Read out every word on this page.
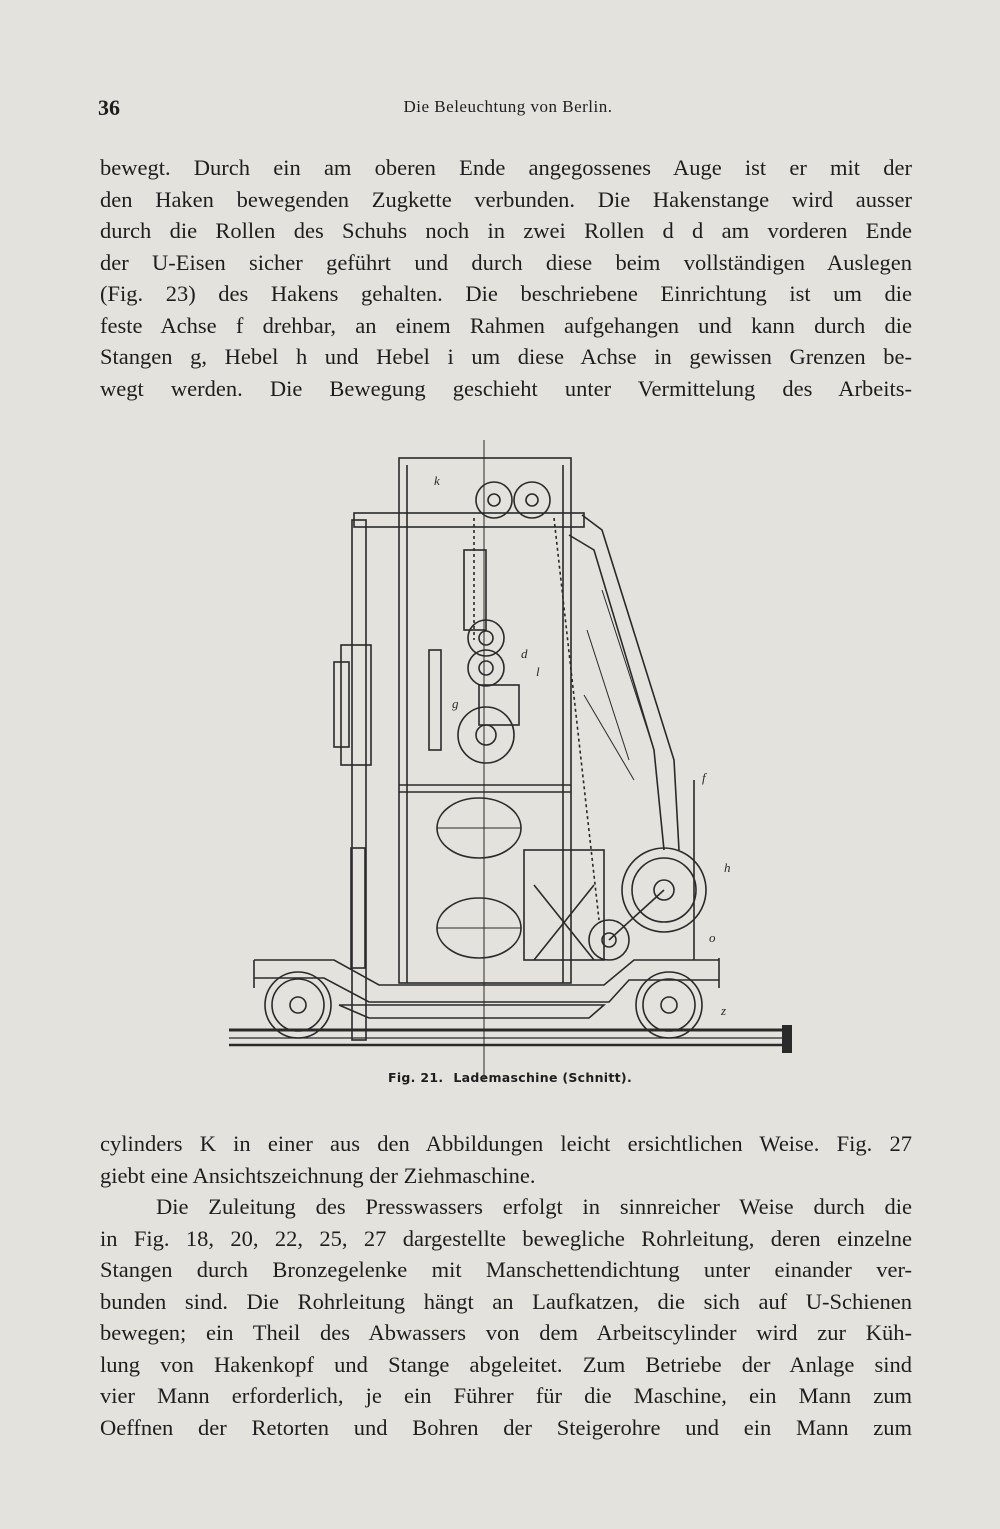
36	Die Beleuchtung von Berlin.

bewegt. Durch ein am oberen Ende angegossenes Auge ist er mit der

den Haken bewegenden Zugkette verbunden. Die Hakenstange wird ausser

durch die Rollen des Schuhs noch in zwei Rollen d d am vorderen Ende

der U-Eisen sicher geführt und durch diese beim vollständigen Auslegen

(Fig. 23) des Hakens gehalten. Die beschriebene Einrichtung ist um die

feste Achse f drehbar, an einem Rahmen aufgehangen und kann durch die

Stangen g, Hebel h und Hebel i um diese Achse in gewissen Grenzen be-

wegt werden. Die Bewegung geschieht unter Vermittelung des Arbeits-

k
d
l
g
f
h
o
z
Fig. 21. Lademaschine (Schnitt).

cylinders K in einer aus den Abbildungen leicht ersichtlichen Weise. Fig. 27

giebt eine Ansichtszeichnung der Ziehmaschine.

Die Zuleitung des Presswassers erfolgt in sinnreicher Weise durch die

in Fig. 18, 20, 22, 25, 27 dargestellte bewegliche Rohrleitung, deren einzelne

Stangen durch Bronzegelenke mit Manschettendichtung unter einander ver-

bunden sind. Die Rohrleitung hängt an Laufkatzen, die sich auf U-Schienen

bewegen; ein Theil des Abwassers von dem Arbeitscylinder wird zur Küh-

lung von Hakenkopf und Stange abgeleitet. Zum Betriebe der Anlage sind

vier Mann erforderlich, je ein Führer für die Maschine, ein Mann zum

Oeffnen der Retorten und Bohren der Steigerohre und ein Mann zum
